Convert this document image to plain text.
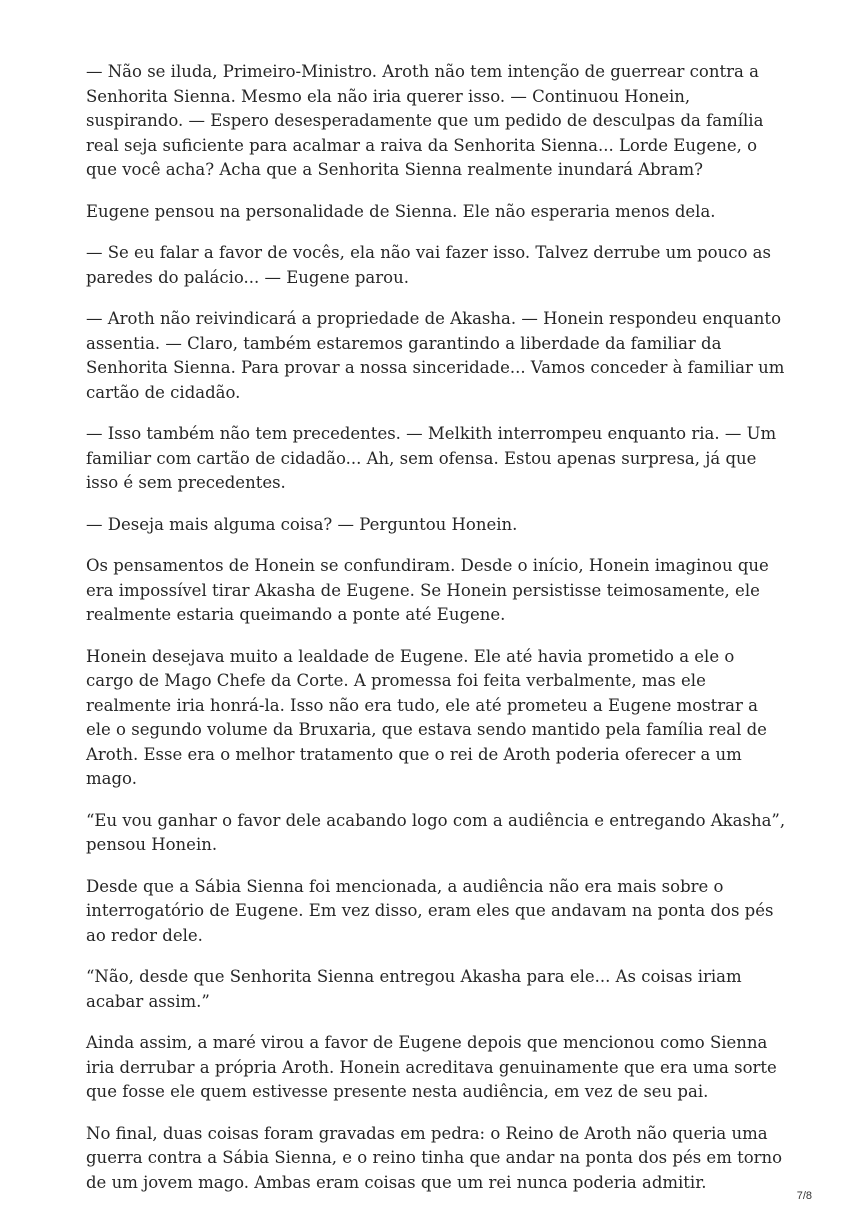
— Não se iluda, Primeiro-Ministro. Aroth não tem intenção de guerrear contra a Senhorita Sienna. Mesmo ela não iria querer isso. — Continuou Honein, suspirando. — Espero desesperadamente que um pedido de desculpas da família real seja suficiente para acalmar a raiva da Senhorita Sienna... Lorde Eugene, o que você acha? Acha que a Senhorita Sienna realmente inundará Abram?

Eugene pensou na personalidade de Sienna. Ele não esperaria menos dela.

— Se eu falar a favor de vocês, ela não vai fazer isso. Talvez derrube um pouco as paredes do palácio... — Eugene parou.

— Aroth não reivindicará a propriedade de Akasha. — Honein respondeu enquanto assentia. — Claro, também estaremos garantindo a liberdade da familiar da Senhorita Sienna. Para provar a nossa sinceridade... Vamos conceder à familiar um cartão de cidadão.

— Isso também não tem precedentes. — Melkith interrompeu enquanto ria. — Um familiar com cartão de cidadão... Ah, sem ofensa. Estou apenas surpresa, já que isso é sem precedentes.

— Deseja mais alguma coisa? — Perguntou Honein.

Os pensamentos de Honein se confundiram. Desde o início, Honein imaginou que era impossível tirar Akasha de Eugene. Se Honein persistisse teimosamente, ele realmente estaria queimando a ponte até Eugene.

Honein desejava muito a lealdade de Eugene. Ele até havia prometido a ele o cargo de Mago Chefe da Corte. A promessa foi feita verbalmente, mas ele realmente iria honrá-la. Isso não era tudo, ele até prometeu a Eugene mostrar a ele o segundo volume da Bruxaria, que estava sendo mantido pela família real de Aroth. Esse era o melhor tratamento que o rei de Aroth poderia oferecer a um mago.

“Eu vou ganhar o favor dele acabando logo com a audiência e entregando Akasha”, pensou Honein.

Desde que a Sábia Sienna foi mencionada, a audiência não era mais sobre o interrogatório de Eugene. Em vez disso, eram eles que andavam na ponta dos pés ao redor dele.

“Não, desde que Senhorita Sienna entregou Akasha para ele... As coisas iriam acabar assim.”

Ainda assim, a maré virou a favor de Eugene depois que mencionou como Sienna iria derrubar a própria Aroth. Honein acreditava genuinamente que era uma sorte que fosse ele quem estivesse presente nesta audiência, em vez de seu pai.

No final, duas coisas foram gravadas em pedra: o Reino de Aroth não queria uma guerra contra a Sábia Sienna, e o reino tinha que andar na ponta dos pés em torno de um jovem mago. Ambas eram coisas que um rei nunca poderia admitir.

7/8
